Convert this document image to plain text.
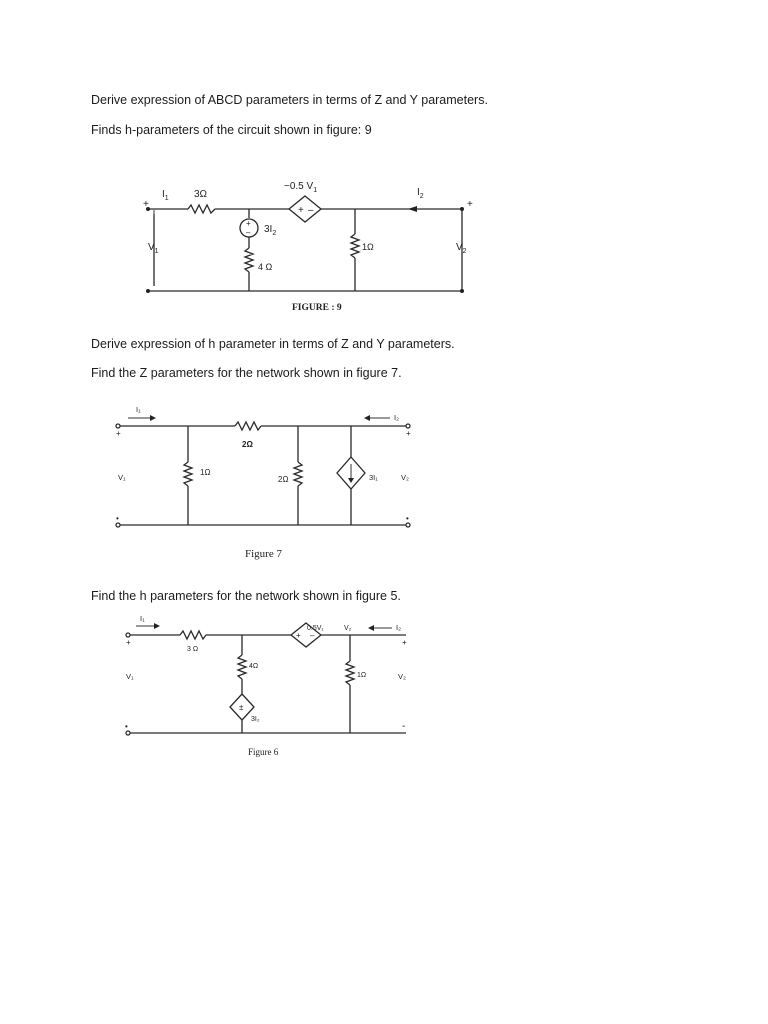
Derive expression of ABCD parameters in terms of Z and Y parameters.

Finds h-parameters of the circuit shown in figure: 9

+ –
+
–
+	+
$I_1$	3Ω
−0.5 $V_1$	$I_2$
$3I_2$
4 Ω
1Ω
$V_1$	$V_2$
FIGURE : 9

Derive expression of h parameter in terms of Z and Y parameters.

Find the Z parameters for the network shown in figure 7.

+	+
•	•
I₁
I₂
2Ω
1Ω
2Ω	3I₁
V₁	V₂
Figure 7

Find the h parameters for the network shown in figure 5.

+ –
±
+	+
•	-
I₁
I₂
3 Ω
4Ω
1Ω
0.5V₁	V₂
3I₂
V₁	V₂
Figure 6
